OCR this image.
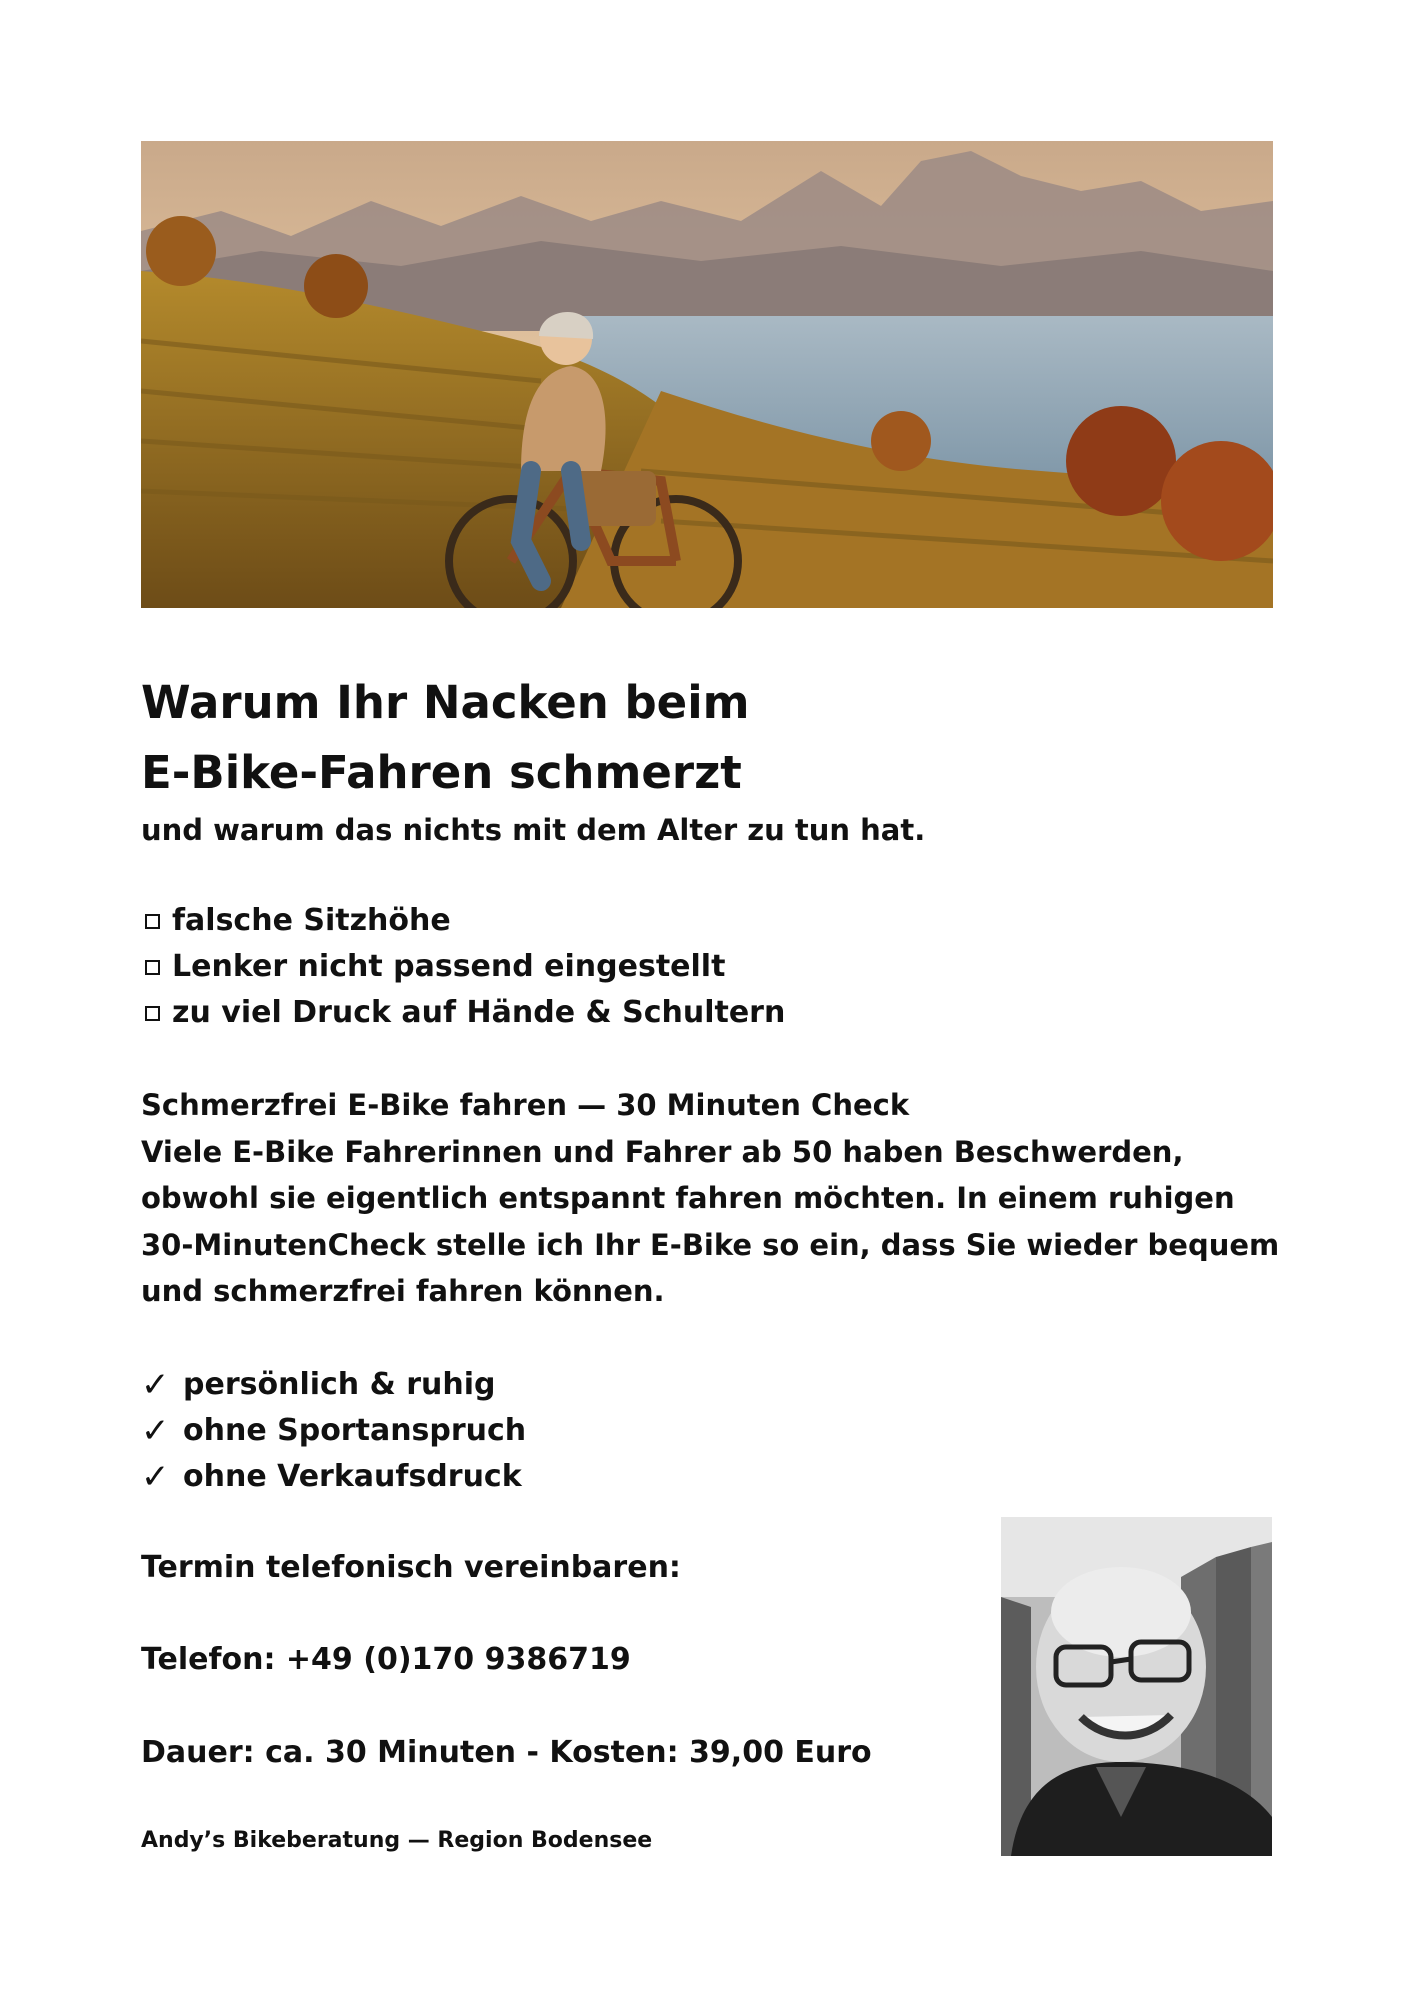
Warum Ihr Nacken beim
E-Bike-Fahren schmerzt

und warum das nichts mit dem Alter zu tun hat.

falsche Sitzhöhe
Lenker nicht passend eingestellt
zu viel Druck auf Hände & Schultern
Schmerzfrei E-Bike fahren — 30 Minuten Check
Viele E-Bike Fahrerinnen und Fahrer ab 50 haben Beschwerden,
obwohl sie eigentlich entspannt fahren möchten. In einem ruhigen
30-MinutenCheck stelle ich Ihr E-Bike so ein, dass Sie wieder bequem
und schmerzfrei fahren können.
✓ persönlich & ruhig
✓ ohne Sportanspruch
✓ ohne Verkaufsdruck

Termin telefonisch vereinbaren:

Telefon: +49 (0)170 9386719

Dauer: ca. 30 Minuten - Kosten: 39,00 Euro

Andy’s Bikeberatung — Region Bodensee
